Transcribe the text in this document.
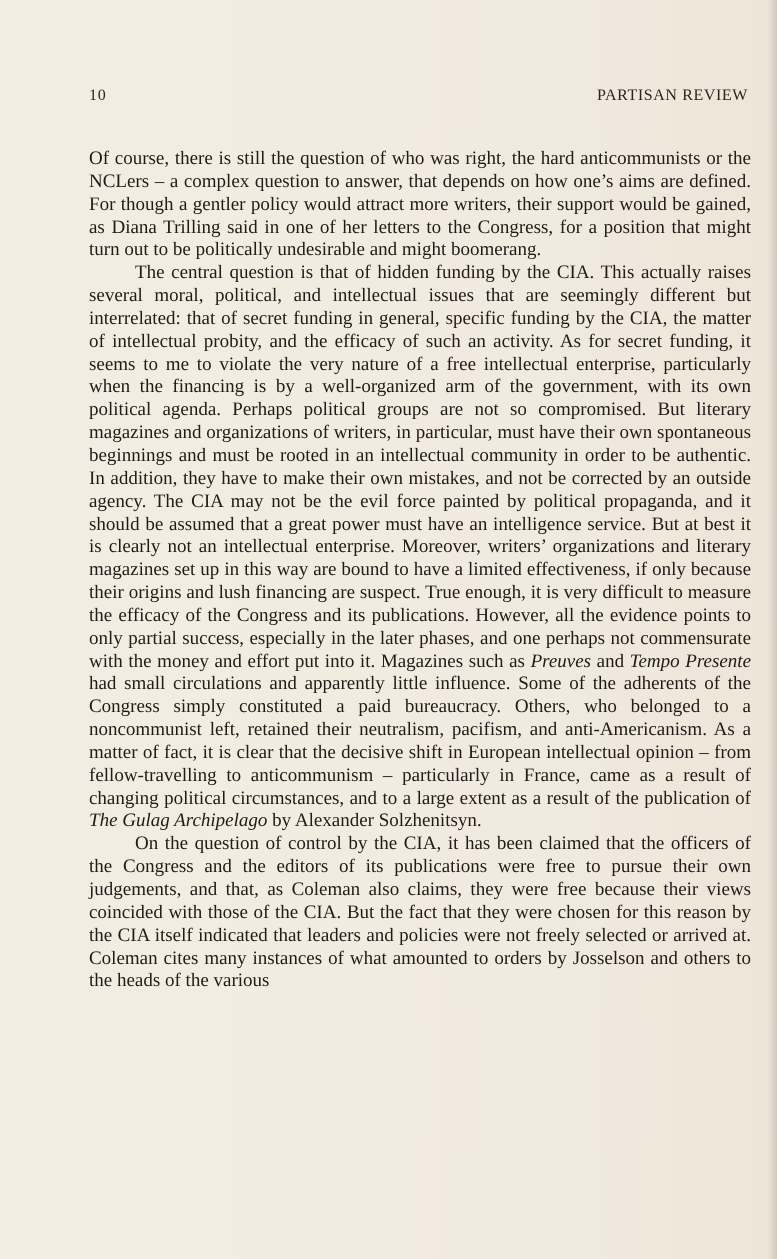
10	PARTISAN REVIEW

Of course, there is still the question of who was right, the hard anticommunists or the NCLers – a complex question to answer, that depends on how one’s aims are defined. For though a gentler policy would attract more writers, their support would be gained, as Diana Trilling said in one of her letters to the Congress, for a position that might turn out to be politically undesirable and might boomerang.

The central question is that of hidden funding by the CIA. This actually raises several moral, political, and intellectual issues that are seemingly different but interrelated: that of secret funding in general, specific funding by the CIA, the matter of intellectual probity, and the efficacy of such an activity. As for secret funding, it seems to me to violate the very nature of a free intellectual enterprise, particularly when the financing is by a well-organized arm of the government, with its own political agenda. Perhaps political groups are not so compromised. But literary magazines and organizations of writers, in particular, must have their own spontaneous beginnings and must be rooted in an intellectual community in order to be authentic. In addition, they have to make their own mistakes, and not be corrected by an outside agency. The CIA may not be the evil force painted by political propaganda, and it should be assumed that a great power must have an intelligence service. But at best it is clearly not an intellectual enterprise. Moreover, writers’ organizations and literary magazines set up in this way are bound to have a limited effectiveness, if only because their origins and lush financing are suspect. True enough, it is very difficult to measure the efficacy of the Congress and its publications. However, all the evidence points to only partial success, especially in the later phases, and one perhaps not commensurate with the money and effort put into it. Magazines such as Preuves and Tempo Presente had small circulations and apparently little influence. Some of the adherents of the Congress simply constituted a paid bureaucracy. Others, who belonged to a noncommunist left, retained their neutralism, pacifism, and anti-Americanism. As a matter of fact, it is clear that the decisive shift in European intellectual opinion – from fellow-travelling to anticommunism – particularly in France, came as a result of changing political circumstances, and to a large extent as a result of the publication of The Gulag Archipelago by Alexander Solzhenitsyn.

On the question of control by the CIA, it has been claimed that the officers of the Congress and the editors of its publications were free to pursue their own judgements, and that, as Coleman also claims, they were free because their views coincided with those of the CIA. But the fact that they were chosen for this reason by the CIA itself indicated that leaders and policies were not freely selected or arrived at. Coleman cites many instances of what amounted to orders by Josselson and others to the heads of the various
